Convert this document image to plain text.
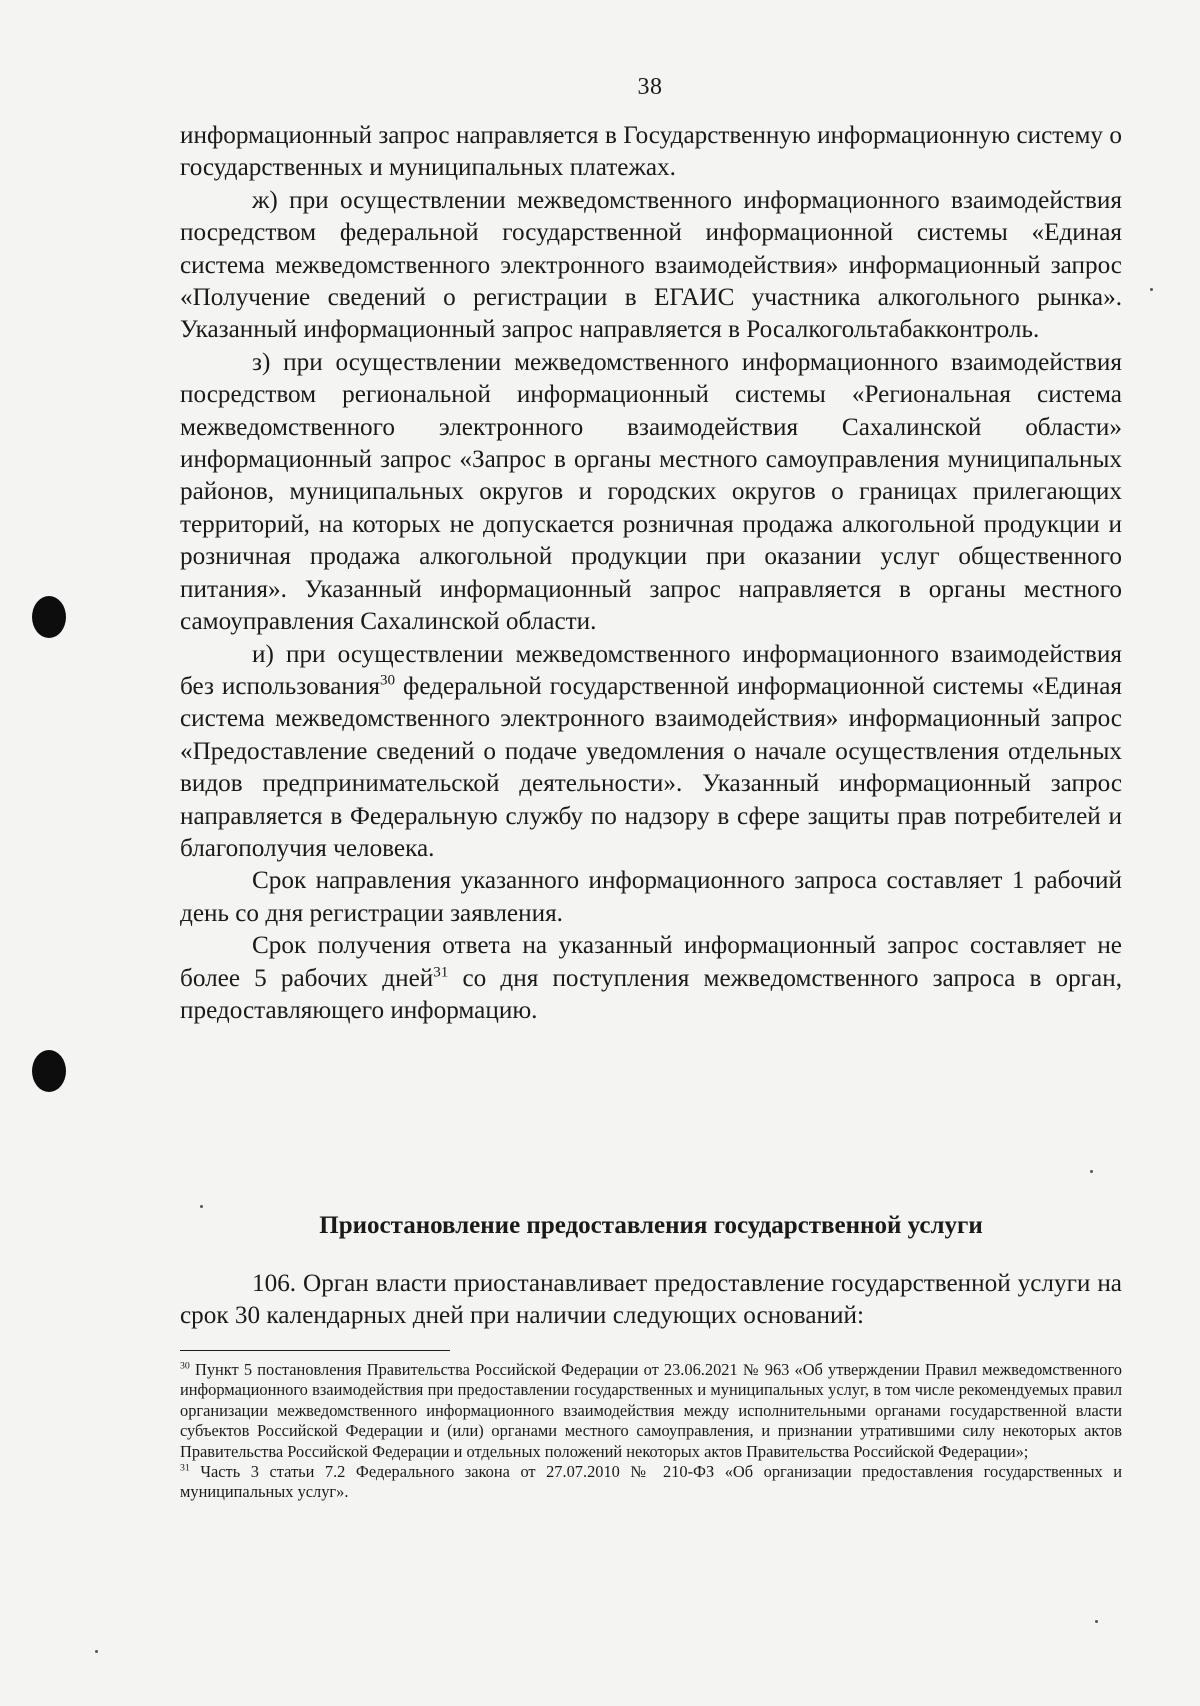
38

информационный запрос направляется в Государственную информационную систему о государственных и муниципальных платежах.

ж) при осуществлении межведомственного информационного взаимодействия посредством федеральной государственной информационной системы «Единая система межведомственного электронного взаимодействия» информационный запрос «Получение сведений о регистрации в ЕГАИС участника алкогольного рынка». Указанный информационный запрос направляется в Росалкогольтабакконтроль.

з) при осуществлении межведомственного информационного взаимодействия посредством региональной информационный системы «Региональная система межведомственного электронного взаимодействия Сахалинской области» информационный запрос «Запрос в органы местного самоуправления муниципальных районов, муниципальных округов и городских округов о границах прилегающих территорий, на которых не допускается розничная продажа алкогольной продукции и розничная продажа алкогольной продукции при оказании услуг общественного питания». Указанный информационный запрос направляется в органы местного самоуправления Сахалинской области.

и) при осуществлении межведомственного информационного взаимодействия без использования$^{30}$ федеральной государственной информационной системы «Единая система межведомственного электронного взаимодействия» информационный запрос «Предоставление сведений о подаче уведомления о начале осуществления отдельных видов предпринимательской деятельности». Указанный информационный запрос направляется в Федеральную службу по надзору в сфере защиты прав потребителей и благополучия человека.

Срок направления указанного информационного запроса составляет 1 рабочий день со дня регистрации заявления.

Срок получения ответа на указанный информационный запрос составляет не более 5 рабочих дней$^{31}$ со дня поступления межведомственного запроса в орган, предоставляющего информацию.

Приостановление предоставления государственной услуги

106. Орган власти приостанавливает предоставление государственной услуги на срок 30 календарных дней при наличии следующих оснований:

$^{30}$ Пункт 5 постановления Правительства Российской Федерации от 23.06.2021 № 963 «Об утверждении Правил межведомственного информационного взаимодействия при предоставлении государственных и муниципальных услуг, в том числе рекомендуемых правил организации межведомственного информационного взаимодействия между исполнительными органами государственной власти субъектов Российской Федерации и (или) органами местного самоуправления, и признании утратившими силу некоторых актов Правительства Российской Федерации и отдельных положений некоторых актов Правительства Российской Федерации»;

$^{31}$ Часть 3 статьи 7.2 Федерального закона от 27.07.2010 № 210-ФЗ «Об организации предоставления государственных и муниципальных услуг».
